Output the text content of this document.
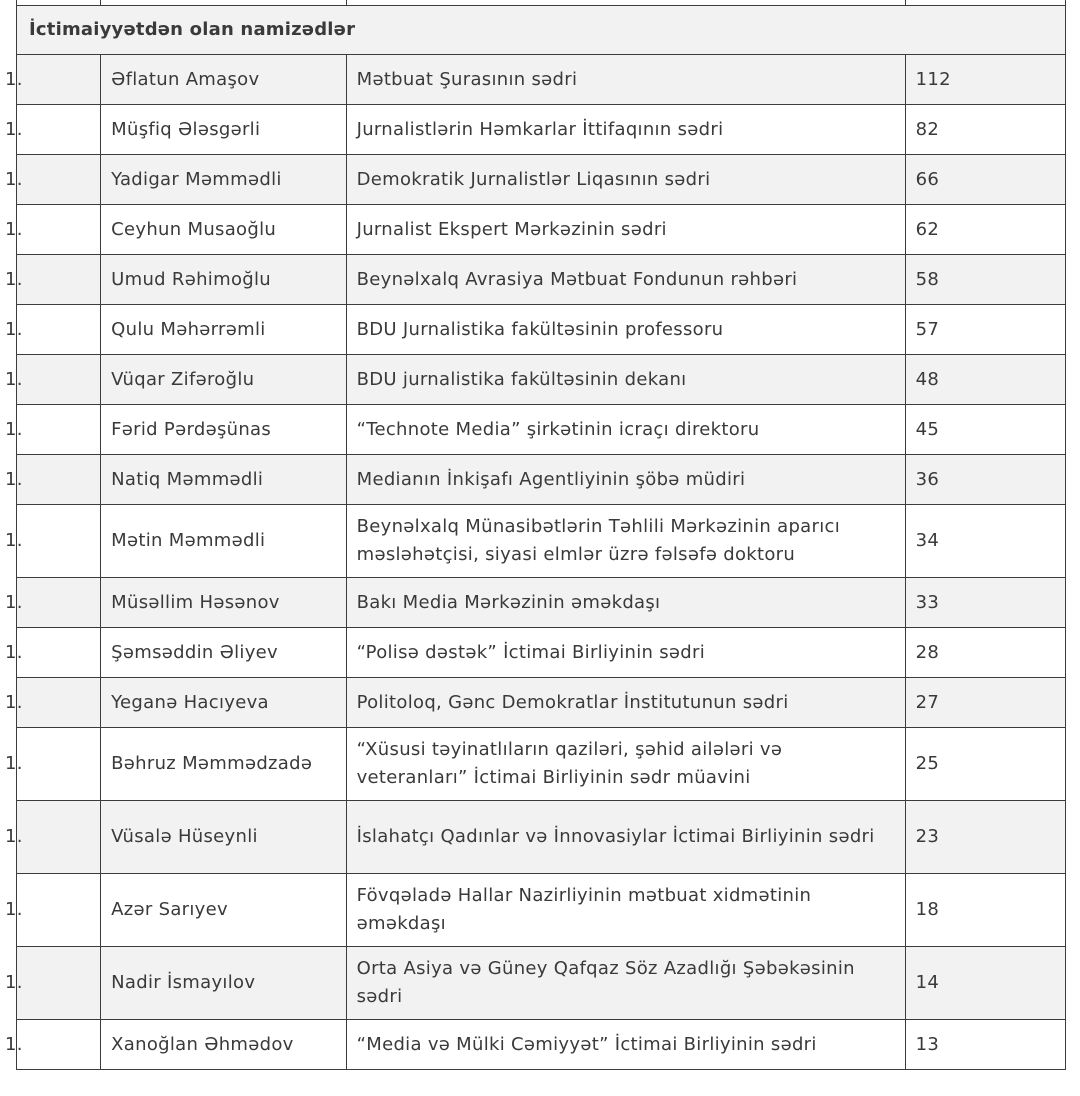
İctimaiyyətdən olan namizədlər			

1.	Əflatun Amaşov	Mətbuat Şurasının sədri	112

1.	Müşfiq Ələsgərli	Jurnalistlərin Həmkarlar İttifaqının sədri	82

1.	Yadigar Məmmədli	Demokratik Jurnalistlər Liqasının sədri	66

1.	Ceyhun Musaoğlu	Jurnalist Ekspert Mərkəzinin sədri	62

1.	Umud Rəhimoğlu	Beynəlxalq Avrasiya Mətbuat Fondunun rəhbəri	58

1.	Qulu Məhərrəmli	BDU Jurnalistika fakültəsinin professoru	57

1.	Vüqar Zifəroğlu	BDU jurnalistika fakültəsinin dekanı	48

1.	Fərid Pərdəşünas	“Technote Media” şirkətinin icraçı direktoru	45

1.	Natiq Məmmədli	Medianın İnkişafı Agentliyinin şöbə müdiri	36

1.	Mətin Məmmədli	Beynəlxalq Münasibətlərin Təhlili Mərkəzinin aparıcı məsləhətçisi, siyasi elmlər üzrə fəlsəfə doktoru	34

1.	Müsəllim Həsənov	Bakı Media Mərkəzinin əməkdaşı	33

1.	Şəmsəddin Əliyev	“Polisə dəstək” İctimai Birliyinin sədri	28

1.	Yeganə Hacıyeva	Politoloq, Gənc Demokratlar İnstitutunun sədri	27

1.	Bəhruz Məmmədzadə	“Xüsusi təyinatlıların qaziləri, şəhid ailələri və veteranları” İctimai Birliyinin sədr müavini	25

1.	Vüsalə Hüseynli	İslahatçı Qadınlar və İnnovasiylar İctimai Birliyinin sədri	23

1.	Azər Sarıyev	Fövqəladə Hallar Nazirliyinin mətbuat xidmətinin əməkdaşı	18

1.	Nadir İsmayılov	Orta Asiya və Güney Qafqaz Söz Azadlığı Şəbəkəsinin sədri	14

1.	Xanoğlan Əhmədov	“Media və Mülki Cəmiyyət” İctimai Birliyinin sədri	13
